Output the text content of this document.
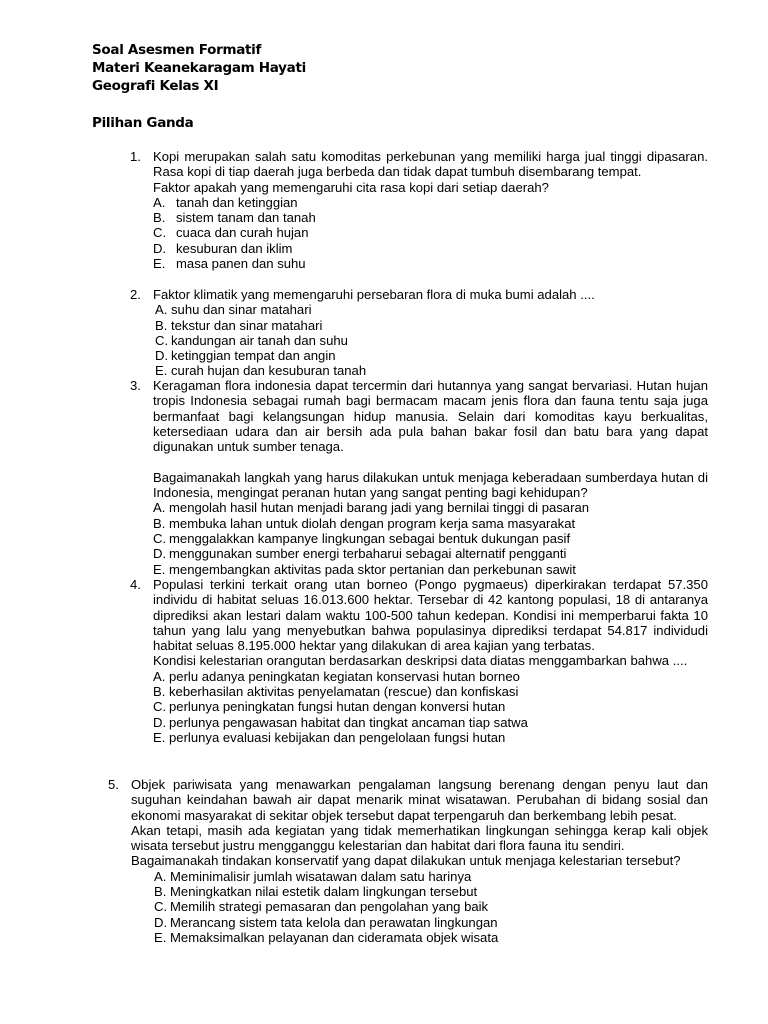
Soal Asesmen Formatif
Materi Keanekaragam Hayati
Geografi Kelas XI
Pilihan Ganda
1. Kopi merupakan salah satu komoditas perkebunan yang memiliki harga jual tinggi dipasaran. Rasa kopi di tiap daerah juga berbeda dan tidak dapat tumbuh disembarang tempat.

Faktor apakah yang memengaruhi cita rasa kopi dari setiap daerah?

A. tanah dan ketinggian
B. sistem tanam dan tanah
C. cuaca dan curah hujan
D. kesuburan dan iklim
E. masa panen dan suhu
2. Faktor klimatik yang memengaruhi persebaran flora di muka bumi adalah ....

A. suhu dan sinar matahari
B. tekstur dan sinar matahari
C. kandungan air tanah dan suhu
D. ketinggian tempat dan angin
E. curah hujan dan kesuburan tanah
3. Keragaman flora indonesia dapat tercermin dari hutannya yang sangat bervariasi. Hutan hujan tropis Indonesia sebagai rumah bagi bermacam macam jenis flora dan fauna tentu saja juga bermanfaat bagi kelangsungan hidup manusia. Selain dari komoditas kayu berkualitas, ketersediaan udara dan air bersih ada pula bahan bakar fosil dan batu bara yang dapat digunakan untuk sumber tenaga.

Bagaimanakah langkah yang harus dilakukan untuk menjaga keberadaan sumberdaya hutan di Indonesia, mengingat peranan hutan yang sangat penting bagi kehidupan?

A. mengolah hasil hutan menjadi barang jadi yang bernilai tinggi di pasaran
B. membuka lahan untuk diolah dengan program kerja sama masyarakat
C. menggalakkan kampanye lingkungan sebagai bentuk dukungan pasif
D. menggunakan sumber energi terbaharui sebagai alternatif pengganti
E. mengembangkan aktivitas pada sktor pertanian dan perkebunan sawit
4. Populasi terkini terkait orang utan borneo (Pongo pygmaeus) diperkirakan terdapat 57.350 individu di habitat seluas 16.013.600 hektar. Tersebar di 42 kantong populasi, 18 di antaranya diprediksi akan lestari dalam waktu 100-500 tahun kedepan. Kondisi ini memperbarui fakta 10 tahun yang lalu yang menyebutkan bahwa populasinya diprediksi terdapat 54.817 individudi habitat seluas 8.195.000 hektar yang dilakukan di area kajian yang terbatas.

Kondisi kelestarian orangutan berdasarkan deskripsi data diatas menggambarkan bahwa ....

A. perlu adanya peningkatan kegiatan konservasi hutan borneo
B. keberhasilan aktivitas penyelamatan (rescue) dan konfiskasi
C. perlunya peningkatan fungsi hutan dengan konversi hutan
D. perlunya pengawasan habitat dan tingkat ancaman tiap satwa
E. perlunya evaluasi kebijakan dan pengelolaan fungsi hutan
5. Objek pariwisata yang menawarkan pengalaman langsung berenang dengan penyu laut dan suguhan keindahan bawah air dapat menarik minat wisatawan. Perubahan di bidang sosial dan ekonomi masyarakat di sekitar objek tersebut dapat terpengaruh dan berkembang lebih pesat.

Akan tetapi, masih ada kegiatan yang tidak memerhatikan lingkungan sehingga kerap kali objek wisata tersebut justru mengganggu kelestarian dan habitat dari flora fauna itu sendiri.

Bagaimanakah tindakan konservatif yang dapat dilakukan untuk menjaga kelestarian tersebut?

A. Meminimalisir jumlah wisatawan dalam satu harinya
B. Meningkatkan nilai estetik dalam lingkungan tersebut
C. Memilih strategi pemasaran dan pengolahan yang baik
D. Merancang sistem tata kelola dan perawatan lingkungan
E. Memaksimalkan pelayanan dan cideramata objek wisata
